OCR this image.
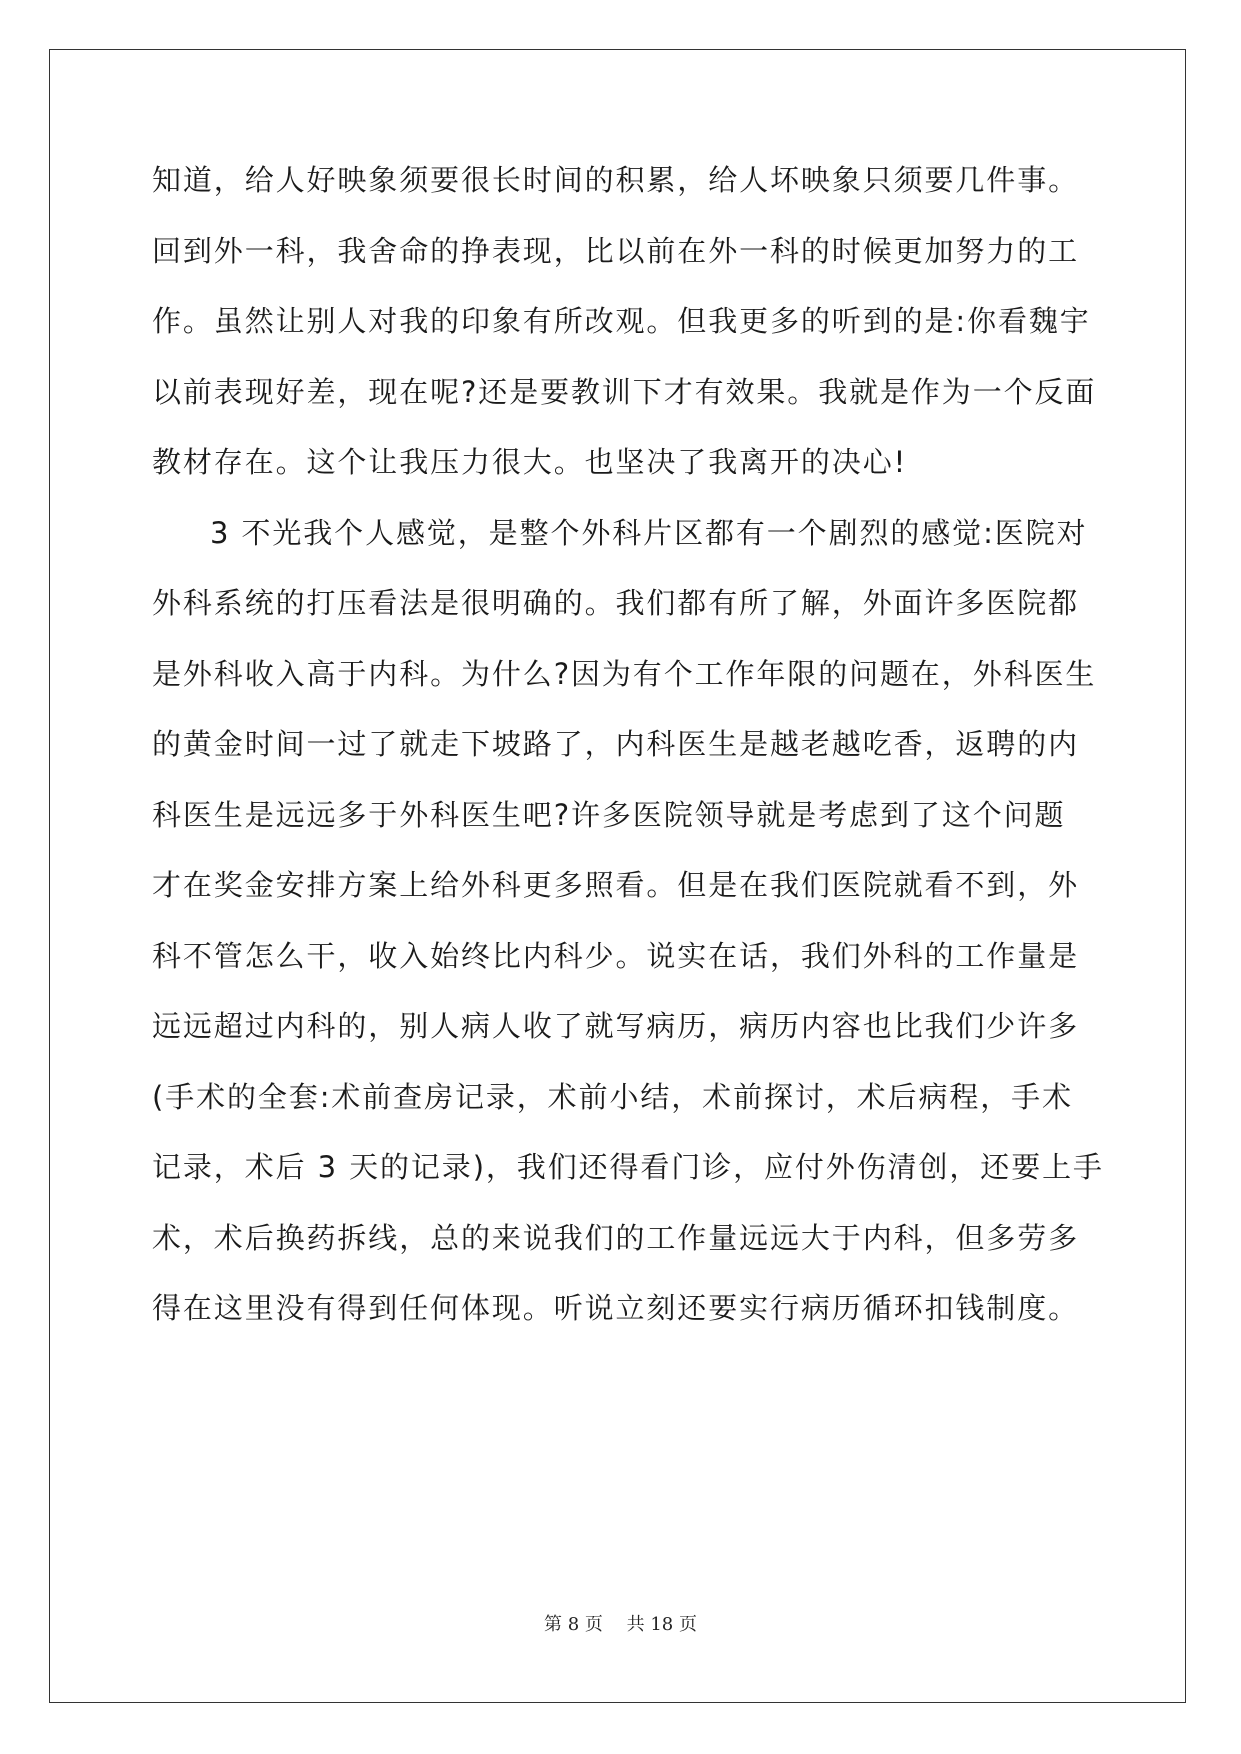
知道，给人好映象须要很长时间的积累，给人坏映象只须要几件事。
回到外一科，我舍命的挣表现，比以前在外一科的时候更加努力的工
作。虽然让别人对我的印象有所改观。但我更多的听到的是:你看魏宇
以前表现好差，现在呢?还是要教训下才有效果。我就是作为一个反面
教材存在。这个让我压力很大。也坚决了我离开的决心!
3 不光我个人感觉，是整个外科片区都有一个剧烈的感觉:医院对
外科系统的打压看法是很明确的。我们都有所了解，外面许多医院都
是外科收入高于内科。为什么?因为有个工作年限的问题在，外科医生
的黄金时间一过了就走下坡路了，内科医生是越老越吃香，返聘的内
科医生是远远多于外科医生吧?许多医院领导就是考虑到了这个问题
才在奖金安排方案上给外科更多照看。但是在我们医院就看不到，外
科不管怎么干，收入始终比内科少。说实在话，我们外科的工作量是
远远超过内科的，别人病人收了就写病历，病历内容也比我们少许多
(手术的全套:术前查房记录，术前小结，术前探讨，术后病程，手术
记录，术后 3 天的记录)，我们还得看门诊，应付外伤清创，还要上手
术，术后换药拆线，总的来说我们的工作量远远大于内科，但多劳多
得在这里没有得到任何体现。听说立刻还要实行病历循环扣钱制度。
第 8 页　 共 18 页
